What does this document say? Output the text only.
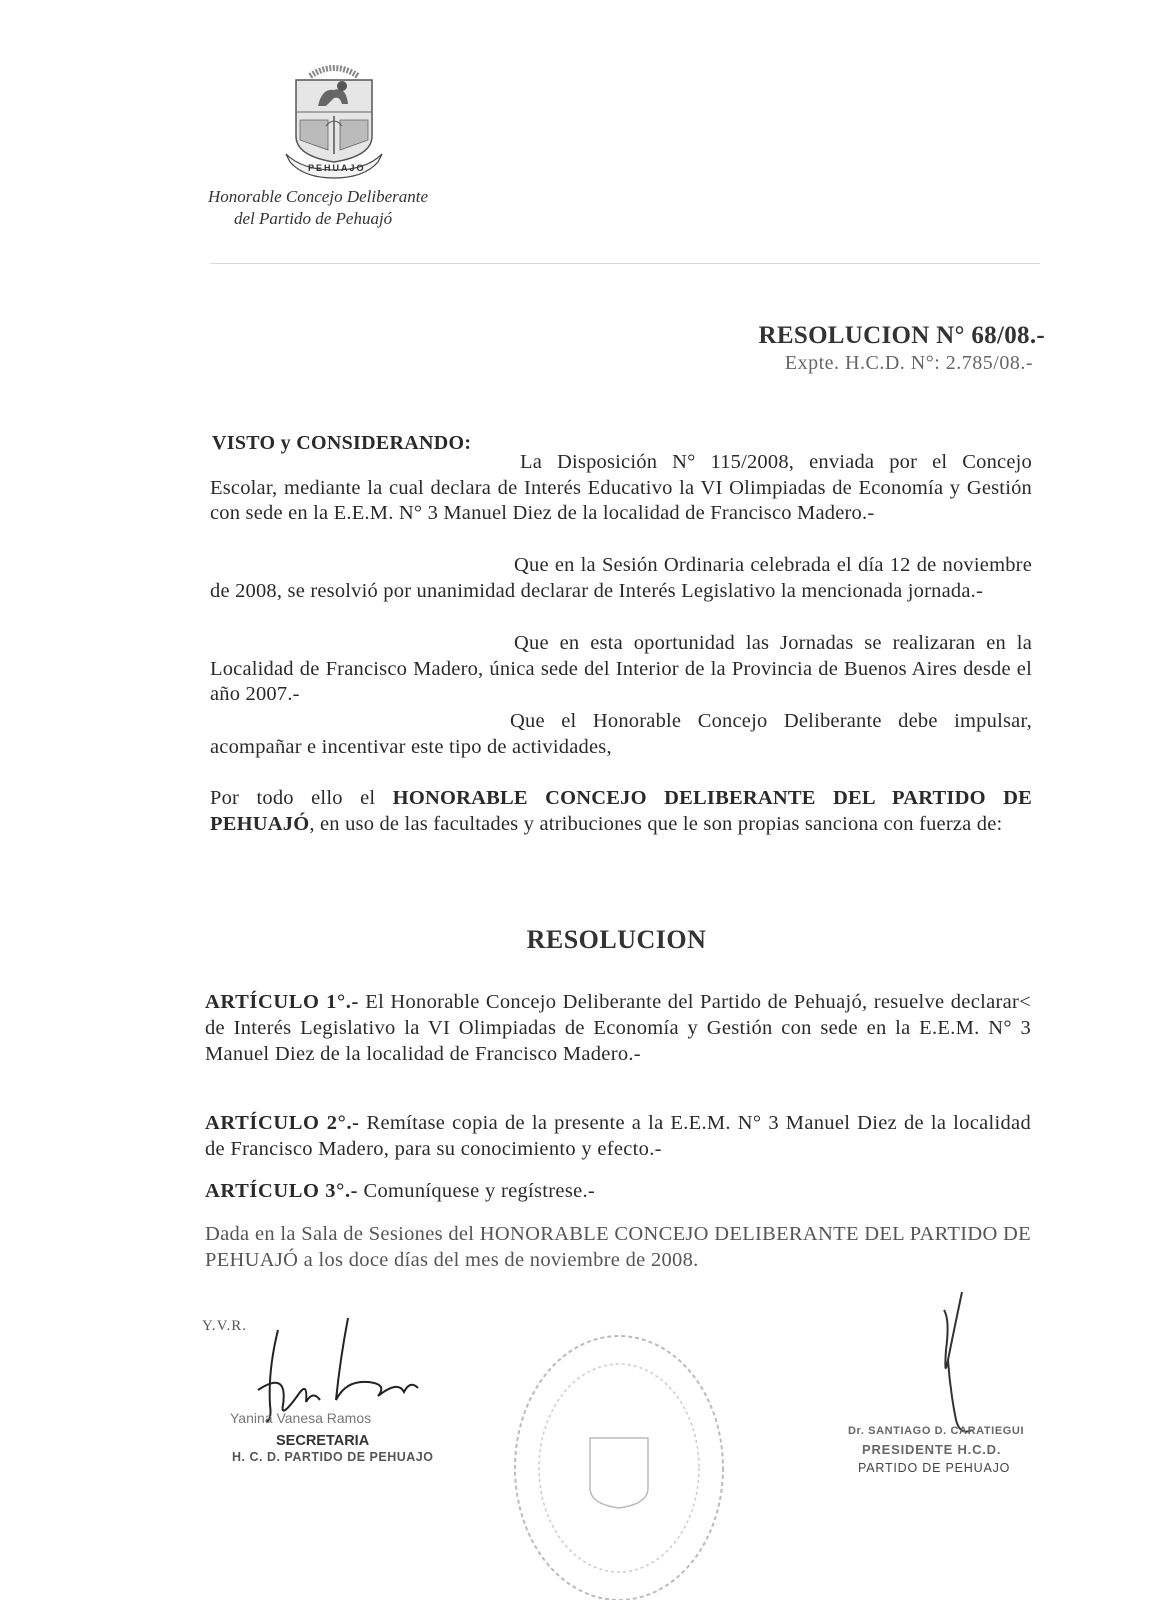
PEHUAJO
Honorable Concejo Deliberante
del Partido de Pehuajó
RESOLUCION N° 68/08.-
Expte. H.C.D. N°: 2.785/08.-
VISTO y CONSIDERANDO:
La Disposición N° 115/2008, enviada por el Concejo Escolar, mediante la cual declara de Interés Educativo la VI Olimpiadas de Economía y Gestión con sede en la E.E.M. N° 3 Manuel Diez de la localidad de Francisco Madero.-
Que en la Sesión Ordinaria celebrada el día 12 de noviembre de 2008, se resolvió por unanimidad declarar de Interés Legislativo la mencionada jornada.-
Que en esta oportunidad las Jornadas se realizaran en la Localidad de Francisco Madero, única sede del Interior de la Provincia de Buenos Aires desde el año 2007.-
Que el Honorable Concejo Deliberante debe impulsar, acompañar e incentivar este tipo de actividades,
Por todo ello el HONORABLE CONCEJO DELIBERANTE DEL PARTIDO DE PEHUAJÓ, en uso de las facultades y atribuciones que le son propias sanciona con fuerza de:
RESOLUCION
ARTÍCULO 1°.- El Honorable Concejo Deliberante del Partido de Pehuajó, resuelve declarar< de Interés Legislativo la VI Olimpiadas de Economía y Gestión con sede en la E.E.M. N° 3 Manuel Diez de la localidad de Francisco Madero.-
ARTÍCULO 2°.- Remítase copia de la presente a la E.E.M. N° 3 Manuel Diez de la localidad de Francisco Madero, para su conocimiento y efecto.-
ARTÍCULO 3°.- Comuníquese y regístrese.-
Dada en la Sala de Sesiones del HONORABLE CONCEJO DELIBERANTE DEL PARTIDO DE PEHUAJÓ a los doce días del mes de noviembre de 2008.
Y.V.R.
Yanina Vanesa Ramos
SECRETARIA
H. C. D. PARTIDO DE PEHUAJO
Dr. SANTIAGO D. CARATIEGUI
PRESIDENTE H.C.D.
PARTIDO DE PEHUAJO
